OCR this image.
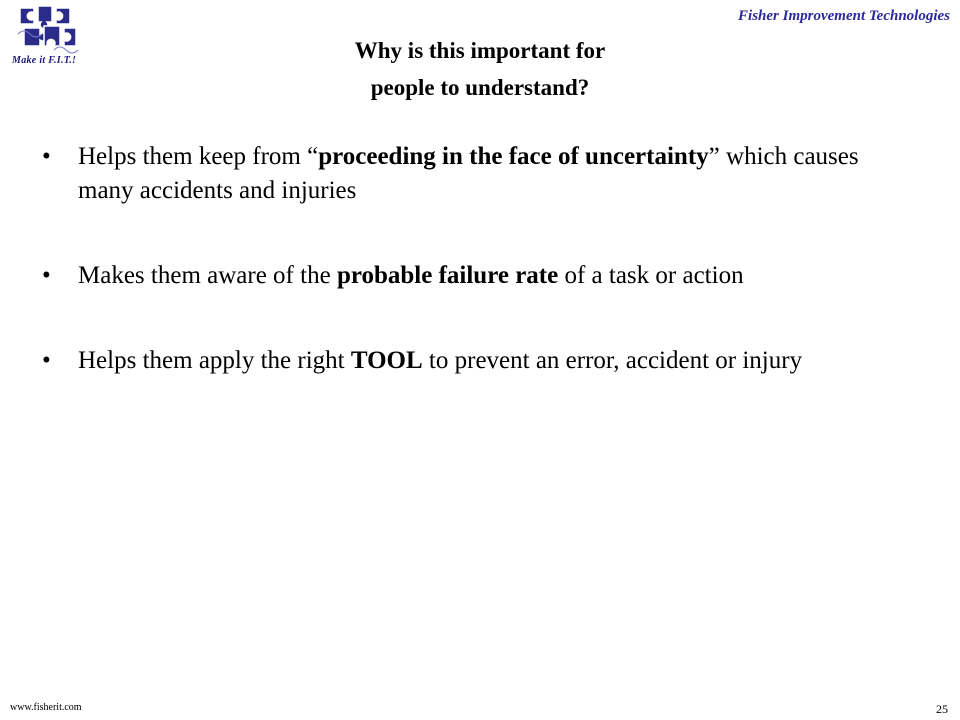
Make it F.I.T.!
Fisher Improvement Technologies
Why is this important for
people to understand?
• Helps them keep from “proceeding in the face of uncertainty” which causes many accidents and injuries
• Makes them aware of the probable failure rate of a task or action
• Helps them apply the right TOOL to prevent an error, accident or injury
www.fisherit.com	25
